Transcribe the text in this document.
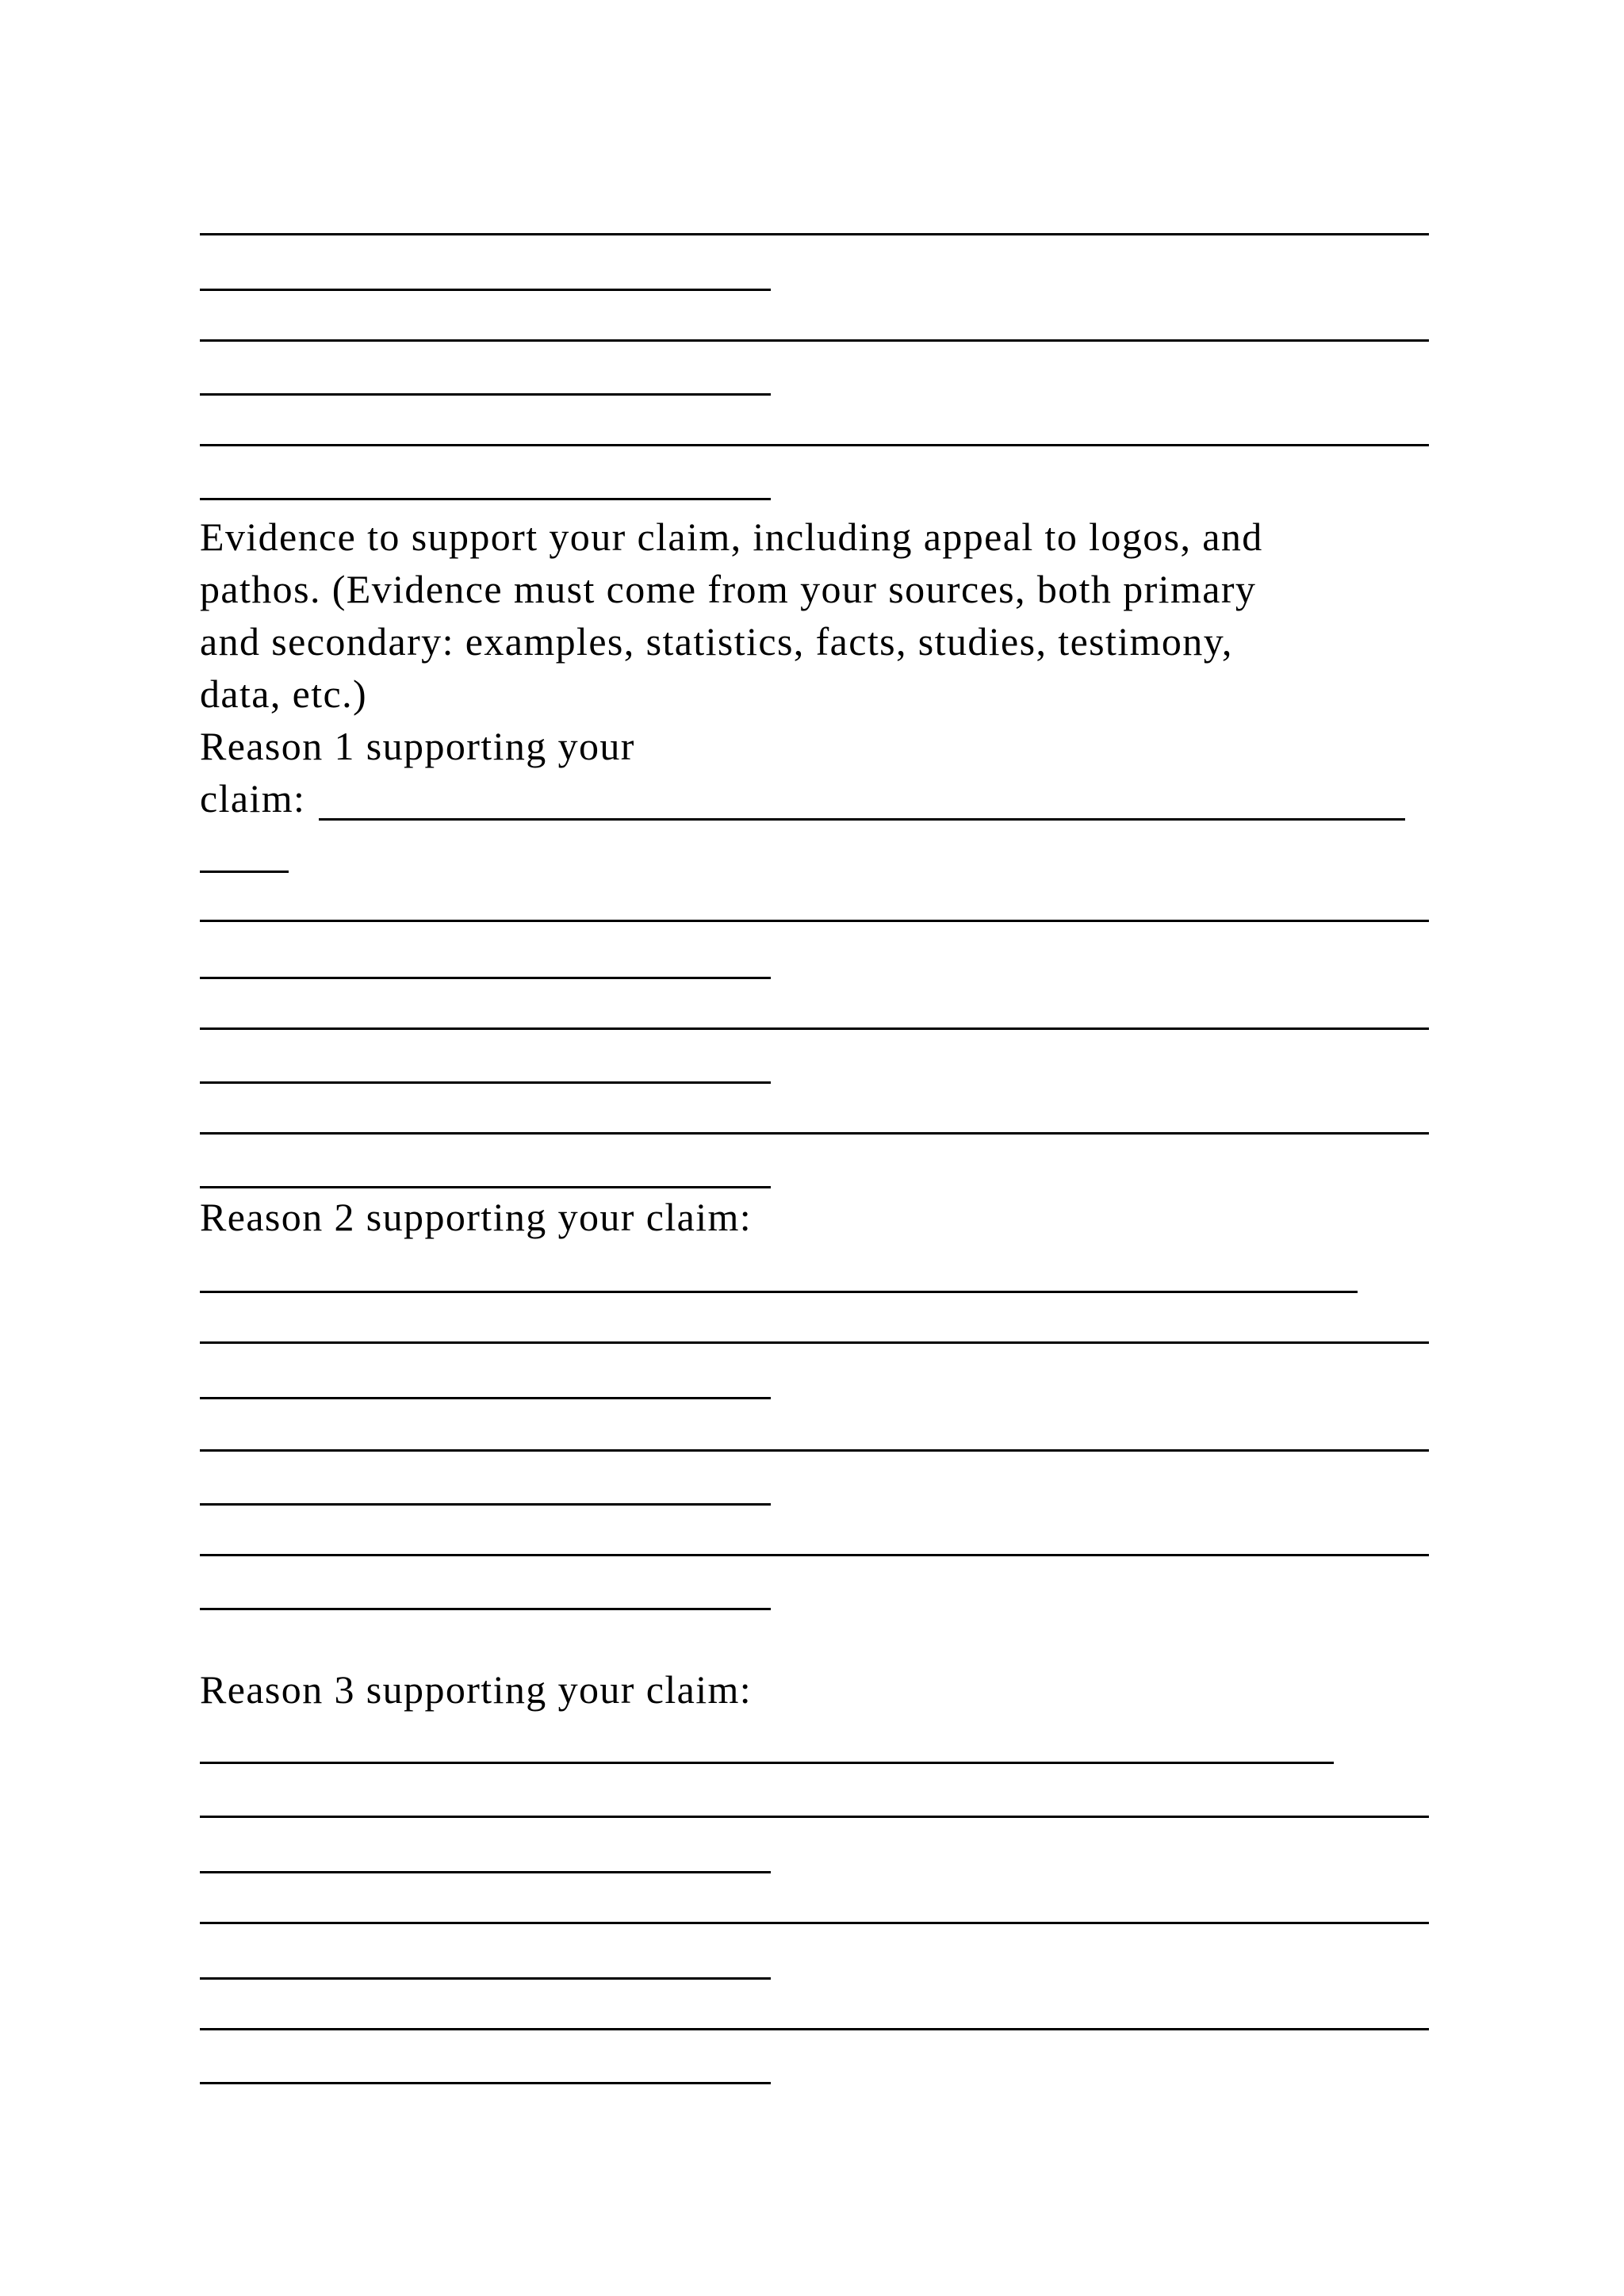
Evidence to support your claim, including appeal to logos, and
pathos. (Evidence must come from your sources, both primary
and secondary: examples, statistics, facts, studies, testimony,
data, etc.)
Reason 1 supporting your
claim:
Reason 2 supporting your claim:
Reason 3 supporting your claim:
